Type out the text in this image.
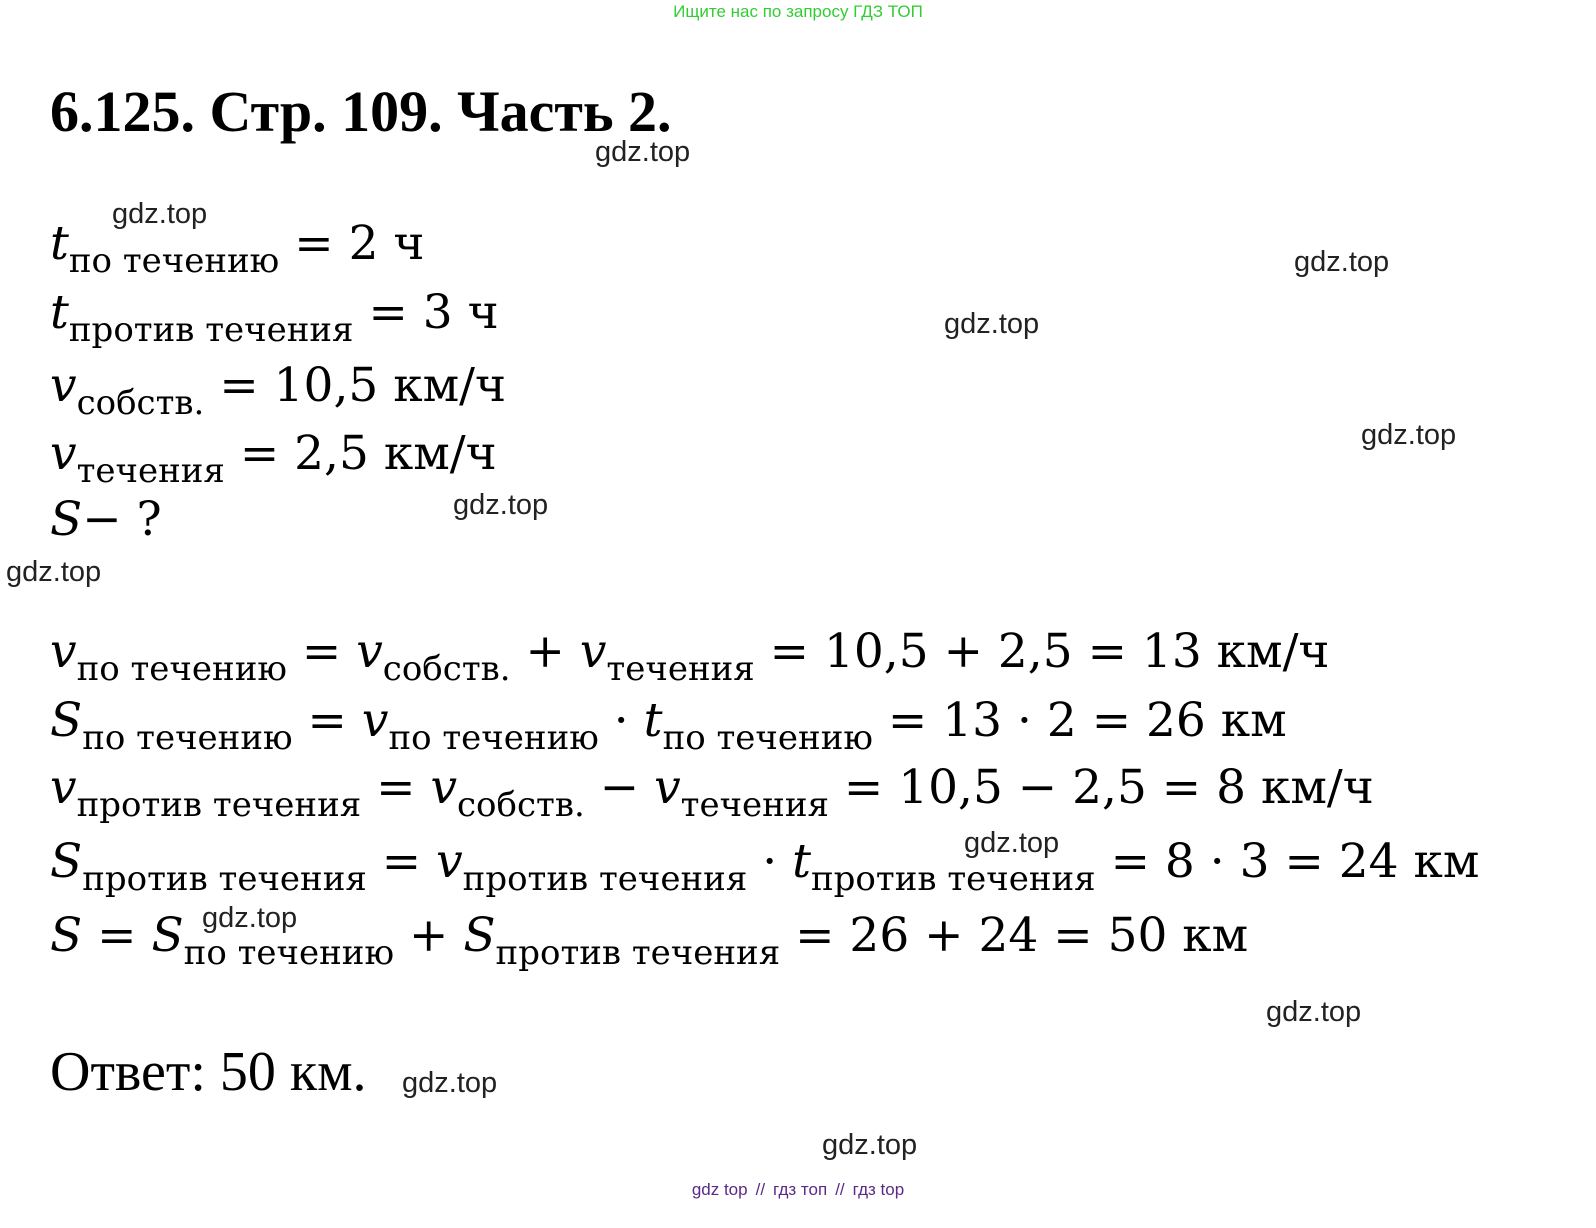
Ищите нас по запросу ГДЗ ТОП
6.125. Стр. 109. Часть 2.
gdz.top
gdz.top
gdz.top
gdz.top
gdz.top
gdz.top
gdz.top
gdz.top
gdz.top
gdz.top
gdz.top
gdz.top
$t_{по течению} = 2$ ч
$t_{против течения} = 3$ ч
$v_{собств.} = 10,5$ км/ч
$v_{течения} = 2,5$ км/ч
S− ?
$v_{по течению} = v_{собств.} + v_{течения} = 10,5 + 2,5 = 13$ км/ч
$S_{по течению} = v_{по течению} \cdot t_{по течению} = 13 \cdot 2 = 26$ км
$v_{против течения} = v_{собств.} - v_{течения} = 10,5 - 2,5 = 8$ км/ч
$S_{против течения} = v_{против течения} \cdot t_{против течения} = 8 \cdot 3 = 24$ км
$S = S_{по течению} + S_{против течения} = 26 + 24 = 50$ км
Ответ: 50 км.
gdz top // гдз топ // гдз top
